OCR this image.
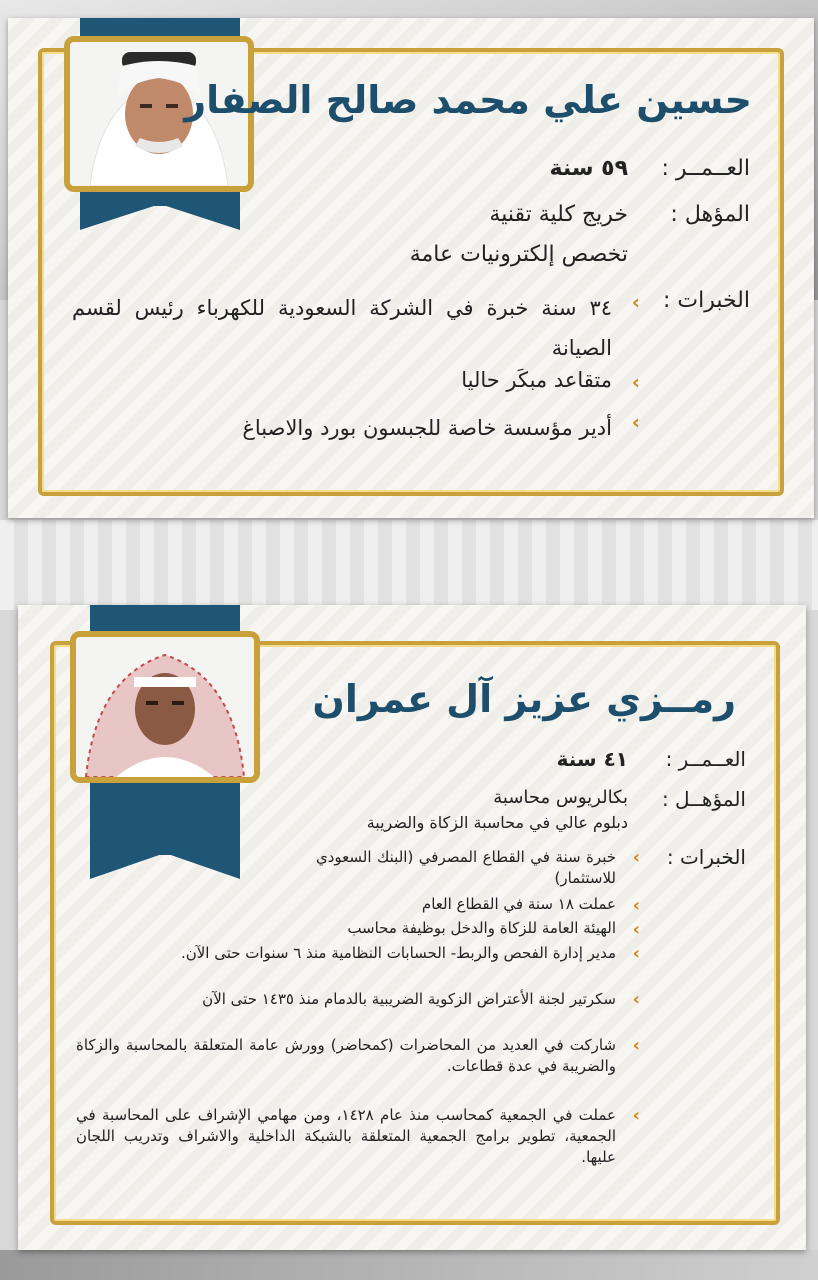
حسين علي محمد صالح الصفار
العــمــر :
٥٩ سنة
المؤهل :
خريج كلية تقنية
تخصص إلكترونيات عامة
الخبرات :
‹
٣٤ سنة خبرة في الشركة السعودية للكهرباء رئيس لقسم الصيانة
‹
متقاعد مبكَر حاليا
‹
أدير مؤسسة خاصة للجبسون بورد والاصباغ
رمــزي عزيز آل عمران
العــمــر :
٤١ سنة
المؤهــل :
بكالريوس محاسبة
دبلوم عالي في محاسبة الزكاة والضريبة
الخبرات :
‹
خبرة سنة في القطاع المصرفي (البنك السعودي للاستثمار)
‹
عملت ١٨ سنة في القطاع العام
‹
الهيئة العامة للزكاة والدخل بوظيفة محاسب
‹
مدير إدارة الفحص والربط- الحسابات النظامية منذ ٦ سنوات حتى الآن.
‹
سكرتير لجنة الأعتراض الزكوية الضريبية بالدمام منذ ١٤٣٥ حتى الآن
‹
شاركت في العديد من المحاضرات (كمحاضر) وورش عامة المتعلقة بالمحاسبة والزكاة والضريبة في عدة قطاعات.
‹
عملت في الجمعية كمحاسب منذ عام ١٤٢٨، ومن مهامي الإشراف على المحاسبة في الجمعية، تطوير برامج الجمعية المتعلقة بالشبكة الداخلية والاشراف وتدريب اللجان عليها.
